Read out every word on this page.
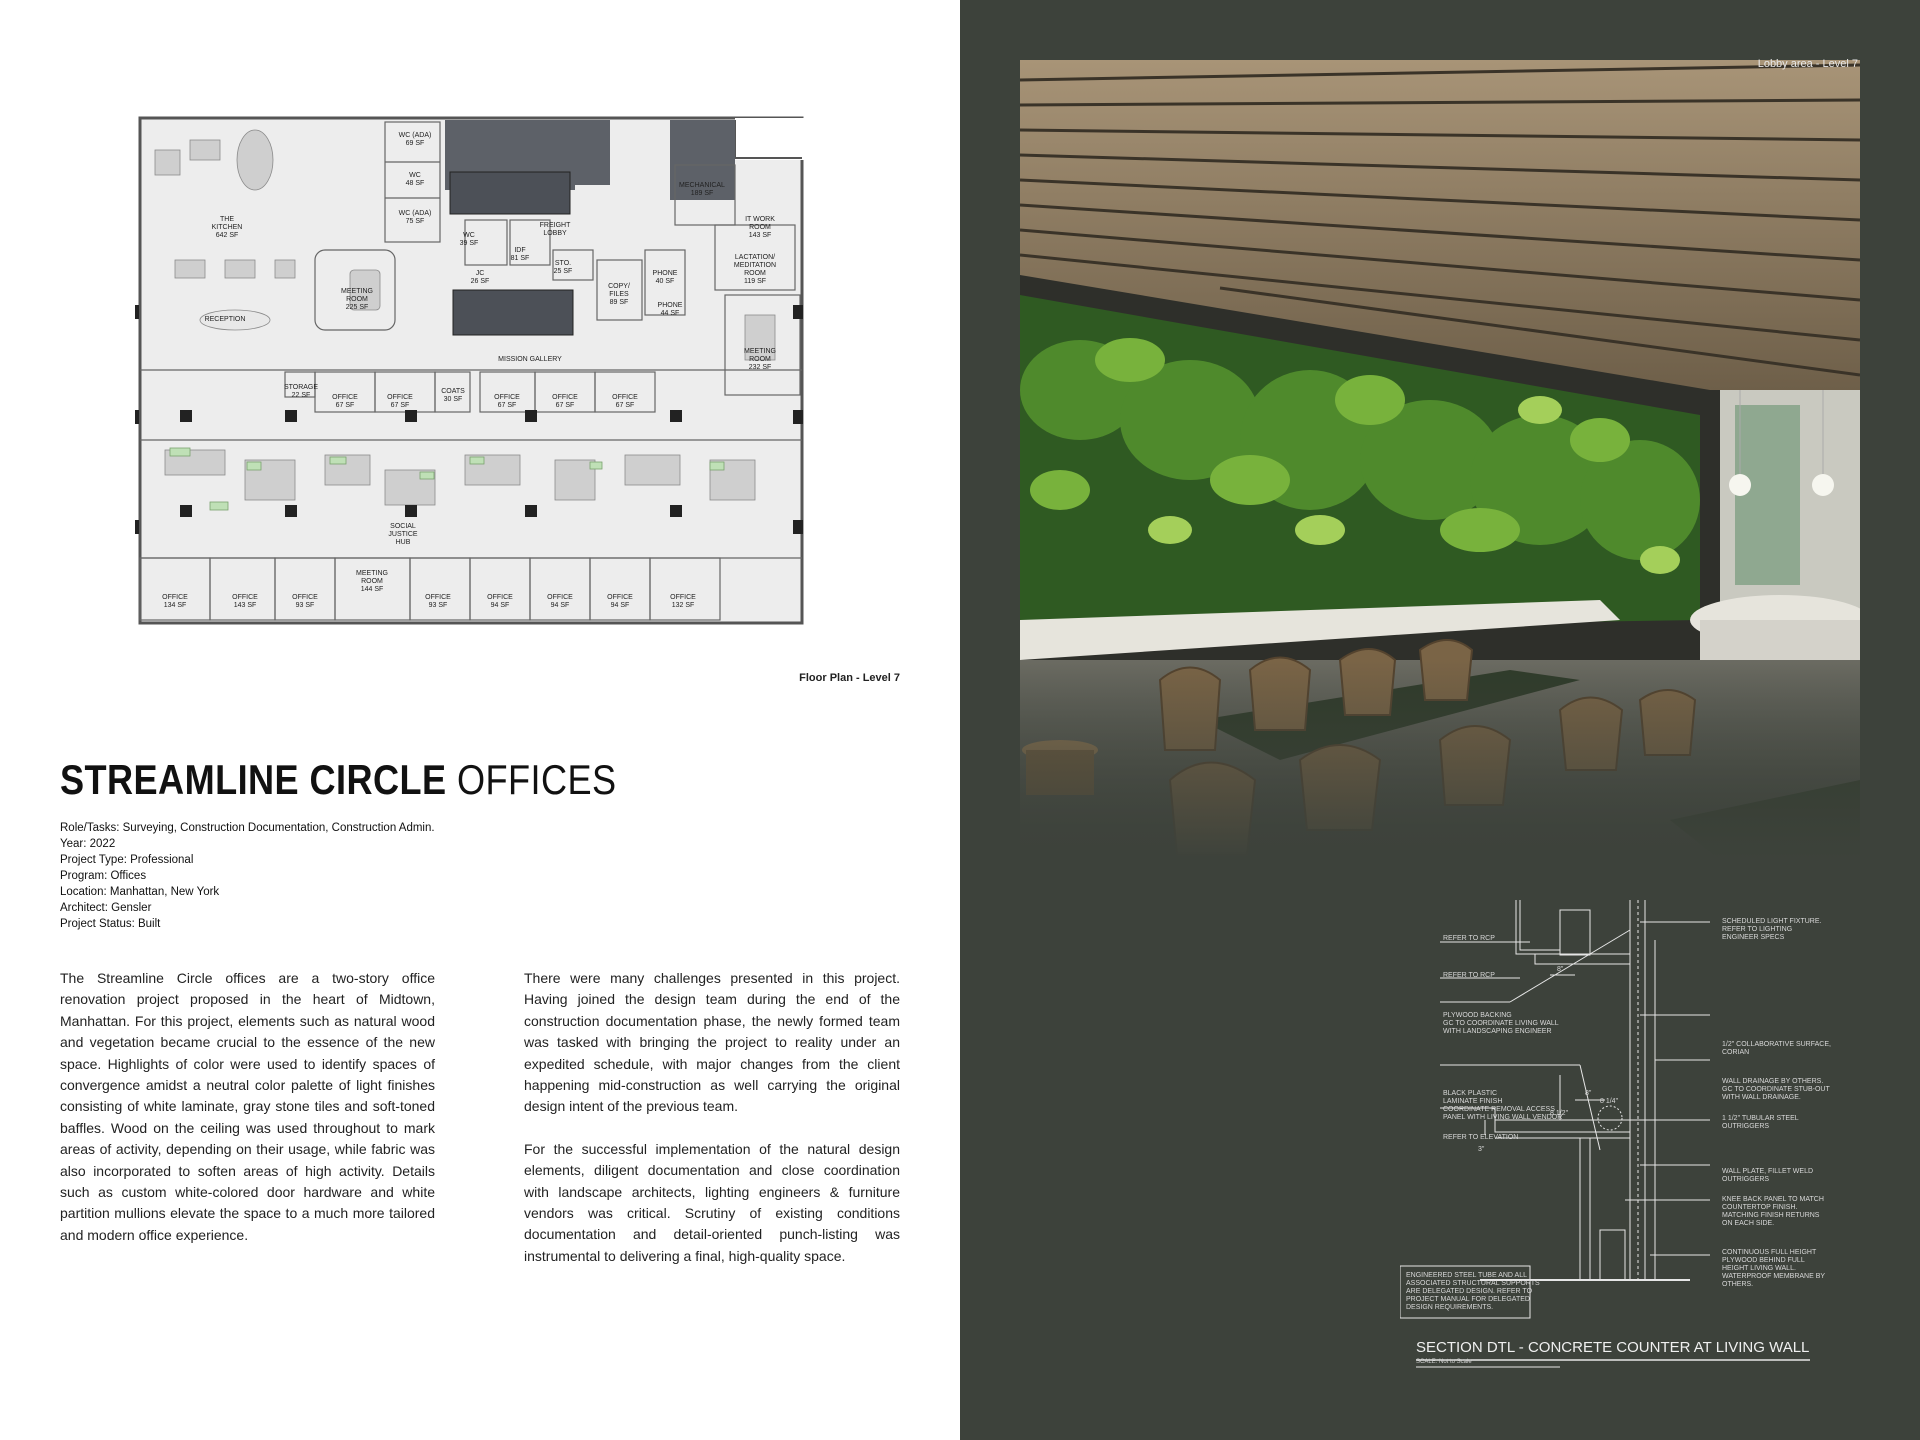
WC (ADA)
69 SF
WC
48 SF
WC (ADA)
75 SF
THE
KITCHEN
642 SF
MECHANICAL
189 SF
IT WORK
ROOM
143 SF
WC
39 SF
FREIGHT
LOBBY
IDF
81 SF
STO.
25 SF
JC
26 SF
LACTATION/
MEDITATION
ROOM
119 SF
MEETING
ROOM
225 SF
COPY/
FILES
89 SF
PHONE
40 SF
PHONE
44 SF
RECEPTION
MISSION GALLERY
MEETING
ROOM
232 SF
STORAGE
22 SF	OFFICE
67 SF
OFFICE
67 SF
COATS
30 SF	OFFICE
67 SF
OFFICE
67 SF
OFFICE
67 SF
SOCIAL
JUSTICE
HUB
OFFICE
134 SF
OFFICE
143 SF
OFFICE
93 SF
MEETING
ROOM
144 SF
OFFICE
93 SF
OFFICE
94 SF
OFFICE
94 SF
OFFICE
94 SF
OFFICE
132 SF
Floor Plan - Level 7
STREAMLINE CIRCLE OFFICES
Role/Tasks: Surveying, Construction Documentation, Construction Admin.
Year: 2022
Project Type: Professional
Program: Offices
Location: Manhattan, New York
Architect: Gensler
Project Status: Built

The Streamline Circle offices are a two-story office renovation project proposed in the heart of Midtown, Manhattan. For this project, elements such as natural wood and vegetation became crucial to the essence of the new space. Highlights of color were used to identify spaces of convergence amidst a neutral color palette of light finishes consisting of white laminate, gray stone tiles and soft-toned baffles. Wood on the ceiling was used throughout to mark areas of activity, depending on their usage, while fabric was also incorporated to soften areas of high activity. Details such as custom white-colored door hardware and white partition mullions elevate the space to a much more tailored and modern office experience.

There were many challenges presented in this project. Having joined the design team during the end of the construction documentation phase, the newly formed team was tasked with bringing the project to reality under an expedited schedule, with major changes from the client happening mid-construction as well carrying the original design intent of the previous team.

For the successful implementation of the natural design elements, diligent documentation and close coordination with landscape architects, lighting engineers & furniture vendors was critical. Scrutiny of existing conditions documentation and detail-oriented punch-listing was instrumental to delivering a final, high-quality space.

Lobby area - Level 7
REFER TO RCP
REFER TO RCP
PLYWOOD BACKING
GC TO COORDINATE LIVING WALL
WITH LANDSCAPING ENGINEER
BLACK PLASTIC
LAMINATE FINISH
COORDINATE REMOVAL ACCESS
PANEL WITH LIVING WALL VENDOR
REFER TO ELEVATION
ENGINEERED STEEL TUBE AND ALL
ASSOCIATED STRUCTURAL SUPPORTS
ARE DELEGATED DESIGN. REFER TO
PROJECT MANUAL FOR DELEGATED
DESIGN REQUIREMENTS.
SCHEDULED LIGHT FIXTURE.
REFER TO LIGHTING
ENGINEER SPECS
1/2" COLLABORATIVE SURFACE,
CORIAN
WALL DRAINAGE BY OTHERS.
GC TO COORDINATE STUB-OUT
WITH WALL DRAINAGE.
1 1/2" TUBULAR STEEL
OUTRIGGERS
WALL PLATE, FILLET WELD
OUTRIGGERS
KNEE BACK PANEL TO MATCH
COUNTERTOP FINISH.
MATCHING FINISH RETURNS
ON EACH SIDE.
CONTINUOUS FULL HEIGHT
PLYWOOD BEHIND FULL
HEIGHT LIVING WALL.
WATERPROOF MEMBRANE BY
OTHERS.
8"
8"
8 1/4"
8 1/2"
3"
SECTION DTL - CONCRETE COUNTER AT LIVING WALL
SCALE: Not to Scale
